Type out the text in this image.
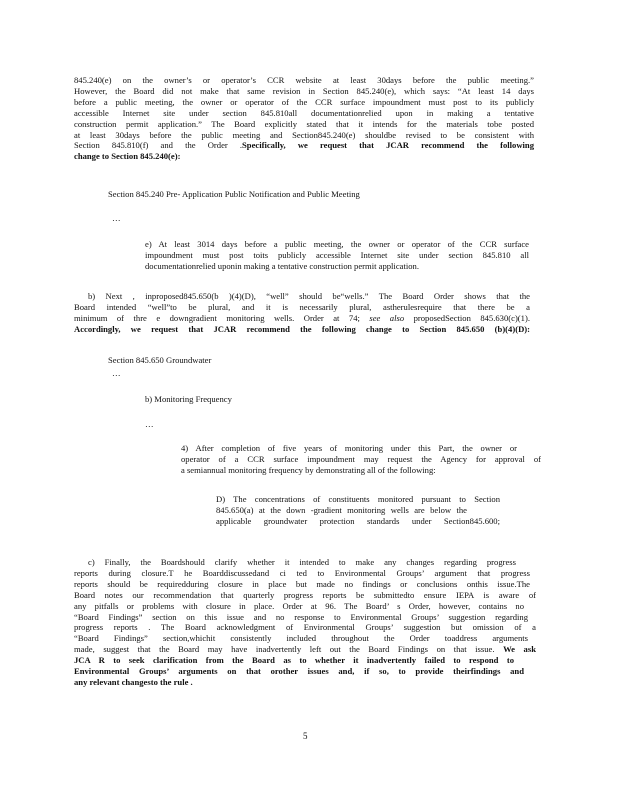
845.240(e) on the owner’s or operator’s CCR website at least 30days before the public meeting.”
However, the Board did not make that same revision in Section 845.240(e), which says: “At least 14 days
before a public meeting, the owner or operator of the CCR surface impoundment must post to its publicly
accessible Internet site under section 845.810all documentationrelied upon in making a tentative
construction permit application.” The Board explicitly stated that it intends for the materials tobe posted
at least 30days before the public meeting and Section845.240(e) shouldbe revised to be consistent with
Section 845.810(f) and the Order .Specifically, we request that JCAR recommend the following
change to Section 845.240(e):
Section 845.240 Pre- Application Public Notification and Public Meeting
…
e) At least 3014 days before a public meeting, the owner or operator of the CCR surface
impoundment must post toits publicly accessible Internet site under section 845.810 all
documentationrelied uponin making a tentative construction permit application.
b) Next , inproposed845.650(b )(4)(D), “well” should be“wells.” The Board Order shows that the
Board intended “well”to be plural, and it is necessarily plural, astherulesrequire that there be a
minimum of thre e downgradient monitoring wells. Order at 74; see also proposedSection 845.630(c)(1).
Accordingly, we request that JCAR recommend the following change to Section 845.650 (b)(4)(D):
Section 845.650 Groundwater
…
b) Monitoring Frequency
…
4) After completion of five years of monitoring under this Part, the owner or
operator of a CCR surface impoundment may request the Agency for approval of
a semiannual monitoring frequency by demonstrating all of the following:
D) The concentrations of constituents monitored pursuant to Section
845.650(a) at the down -gradient monitoring wells are below the
applicable groundwater protection standards under Section845.600;
c) Finally, the Boardshould clarify whether it intended to make any changes regarding progress
reports during closure.T he Boarddiscussedand ci ted to Environmental Groups’ argument that progress
reports should be requiredduring closure in place but made no findings or conclusions onthis issue.The
Board notes our recommendation that quarterly progress reports be submittedto ensure IEPA is aware of
any pitfalls or problems with closure in place. Order at 96. The Board’ s Order, however, contains no
“Board Findings” section on this issue and no response to Environmental Groups’ suggestion regarding
progress reports . The Board acknowledgment of Environmental Groups’ suggestion but omission of a
“Board Findings” section,whichit consistently included throughout the Order toaddress arguments
made, suggest that the Board may have inadvertently left out the Board Findings on that issue. We ask
JCA R to seek clarification from the Board as to whether it inadvertently failed to respond to
Environmental Groups’ arguments on that orother issues and, if so, to provide theirfindings and
any relevant changesto the rule .
5
